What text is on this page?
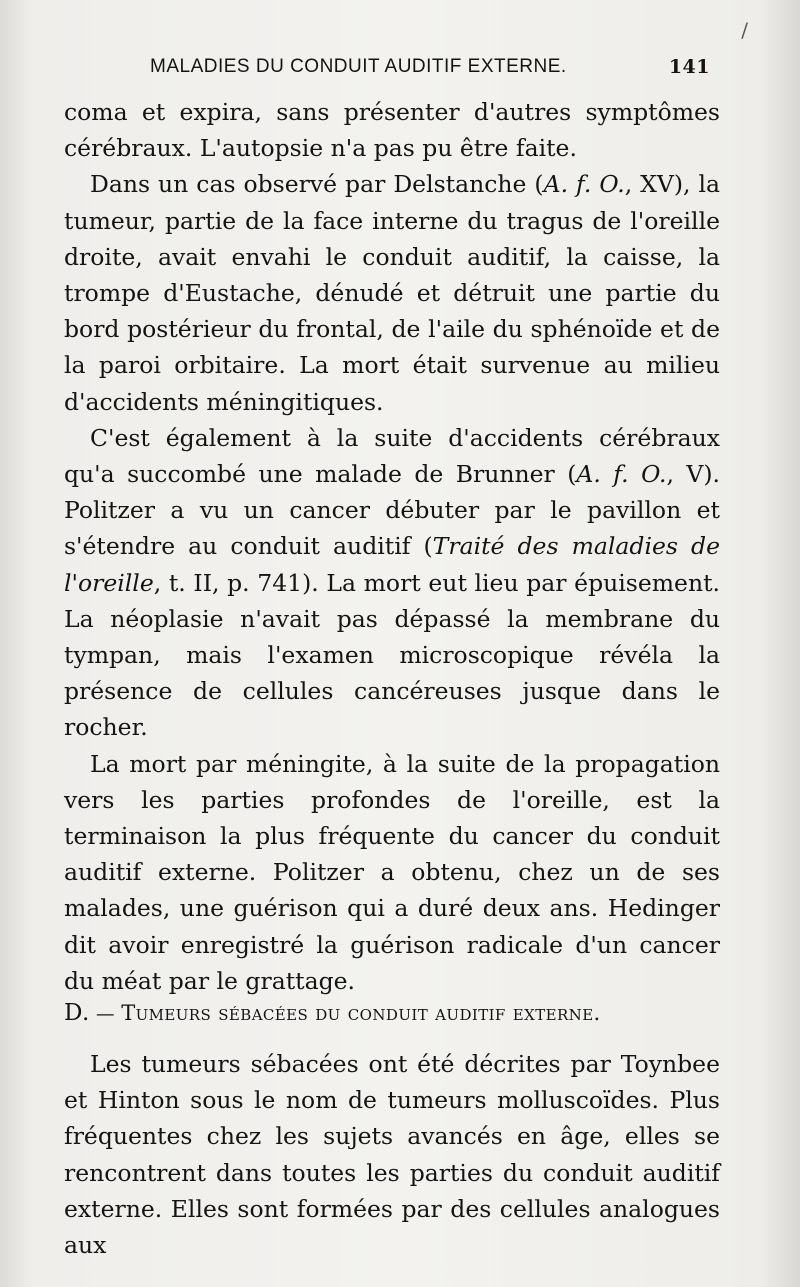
/
MALADIES DU CONDUIT AUDITIF EXTERNE.	141

coma et expira, sans présenter d'autres symptômes cérébraux. L'autopsie n'a pas pu être faite.

Dans un cas observé par Delstanche (A. f. O., XV), la tumeur, partie de la face interne du tragus de l'oreille droite, avait envahi le conduit auditif, la caisse, la trompe d'Eustache, dénudé et détruit une partie du bord postérieur du frontal, de l'aile du sphénoïde et de la paroi orbitaire. La mort était survenue au milieu d'accidents méningitiques.

C'est également à la suite d'accidents cérébraux qu'a succombé une malade de Brunner (A. f. O., V). Politzer a vu un cancer débuter par le pavillon et s'étendre au conduit auditif (Traité des maladies de l'oreille, t. II, p. 741). La mort eut lieu par épuisement. La néoplasie n'avait pas dépassé la membrane du tympan, mais l'examen microscopique révéla la présence de cellules cancéreuses jusque dans le rocher.

La mort par méningite, à la suite de la propagation vers les parties profondes de l'oreille, est la terminaison la plus fréquente du cancer du conduit auditif externe. Politzer a obtenu, chez un de ses malades, une guérison qui a duré deux ans. Hedinger dit avoir enregistré la guérison radicale d'un cancer du méat par le grattage.

D. — Tumeurs sébacées du conduit auditif externe.

Les tumeurs sébacées ont été décrites par Toynbee et Hinton sous le nom de tumeurs molluscoïdes. Plus fréquentes chez les sujets avancés en âge, elles se rencontrent dans toutes les parties du conduit auditif externe. Elles sont formées par des cellules analogues aux
